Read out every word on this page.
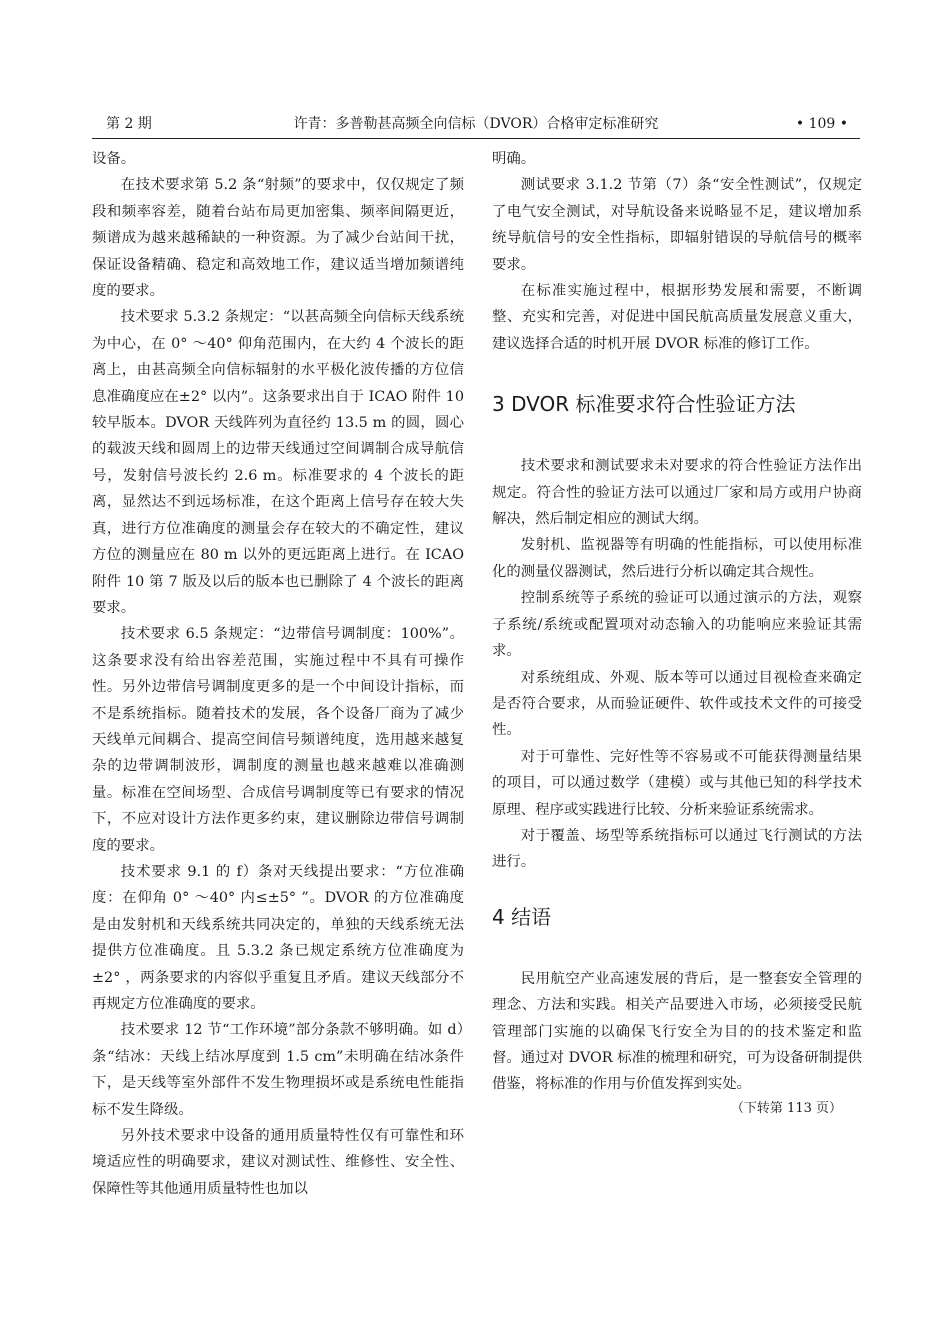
第 2 期	许青：多普勒甚高频全向信标（DVOR）合格审定标准研究	• 109 •

设备。

在技术要求第 5.2 条“射频”的要求中，仅仅规定了频段和频率容差，随着台站布局更加密集、频率间隔更近，频谱成为越来越稀缺的一种资源。为了减少台站间干扰，保证设备精确、稳定和高效地工作，建议适当增加频谱纯度的要求。

技术要求 5.3.2 条规定：“以甚高频全向信标天线系统为中心，在 0° ～40° 仰角范围内，在大约 4 个波长的距离上，由甚高频全向信标辐射的水平极化波传播的方位信息准确度应在±2° 以内”。这条要求出自于 ICAO 附件 10 较早版本。DVOR 天线阵列为直径约 13.5 m 的圆，圆心的载波天线和圆周上的边带天线通过空间调制合成导航信号，发射信号波长约 2.6 m。标准要求的 4 个波长的距离，显然达不到远场标准，在这个距离上信号存在较大失真，进行方位准确度的测量会存在较大的不确定性，建议方位的测量应在 80 m 以外的更远距离上进行。在 ICAO 附件 10 第 7 版及以后的版本也已删除了 4 个波长的距离要求。

技术要求 6.5 条规定：“边带信号调制度：100%”。这条要求没有给出容差范围，实施过程中不具有可操作性。另外边带信号调制度更多的是一个中间设计指标，而不是系统指标。随着技术的发展，各个设备厂商为了减少天线单元间耦合、提高空间信号频谱纯度，选用越来越复杂的边带调制波形，调制度的测量也越来越难以准确测量。标准在空间场型、合成信号调制度等已有要求的情况下，不应对设计方法作更多约束，建议删除边带信号调制度的要求。

技术要求 9.1 的 f）条对天线提出要求：“方位准确度：在仰角 0° ～40° 内≤±5° ”。DVOR 的方位准确度是由发射机和天线系统共同决定的，单独的天线系统无法提供方位准确度。且 5.3.2 条已规定系统方位准确度为±2° ，两条要求的内容似乎重复且矛盾。建议天线部分不再规定方位准确度的要求。

技术要求 12 节“工作环境”部分条款不够明确。如 d）条“结冰：天线上结冰厚度到 1.5 cm”未明确在结冰条件下，是天线等室外部件不发生物理损坏或是系统电性能指标不发生降级。

另外技术要求中设备的通用质量特性仅有可靠性和环境适应性的明确要求，建议对测试性、维修性、安全性、保障性等其他通用质量特性也加以

明确。

测试要求 3.1.2 节第（7）条“安全性测试”，仅规定了电气安全测试，对导航设备来说略显不足，建议增加系统导航信号的安全性指标，即辐射错误的导航信号的概率要求。

在标准实施过程中，根据形势发展和需要，不断调整、充实和完善，对促进中国民航高质量发展意义重大，建议选择合适的时机开展 DVOR 标准的修订工作。

3 DVOR 标准要求符合性验证方法

技术要求和测试要求未对要求的符合性验证方法作出规定。符合性的验证方法可以通过厂家和局方或用户协商解决，然后制定相应的测试大纲。

发射机、监视器等有明确的性能指标，可以使用标准化的测量仪器测试，然后进行分析以确定其合规性。

控制系统等子系统的验证可以通过演示的方法，观察子系统/系统或配置项对动态输入的功能响应来验证其需求。

对系统组成、外观、版本等可以通过目视检查来确定是否符合要求，从而验证硬件、软件或技术文件的可接受性。

对于可靠性、完好性等不容易或不可能获得测量结果的项目，可以通过数学（建模）或与其他已知的科学技术原理、程序或实践进行比较、分析来验证系统需求。

对于覆盖、场型等系统指标可以通过飞行测试的方法进行。

4 结语

民用航空产业高速发展的背后，是一整套安全管理的理念、方法和实践。相关产品要进入市场，必须接受民航管理部门实施的以确保飞行安全为目的的技术鉴定和监督。通过对 DVOR 标准的梳理和研究，可为设备研制提供借鉴，将标准的作用与价值发挥到实处。

（下转第 113 页）
